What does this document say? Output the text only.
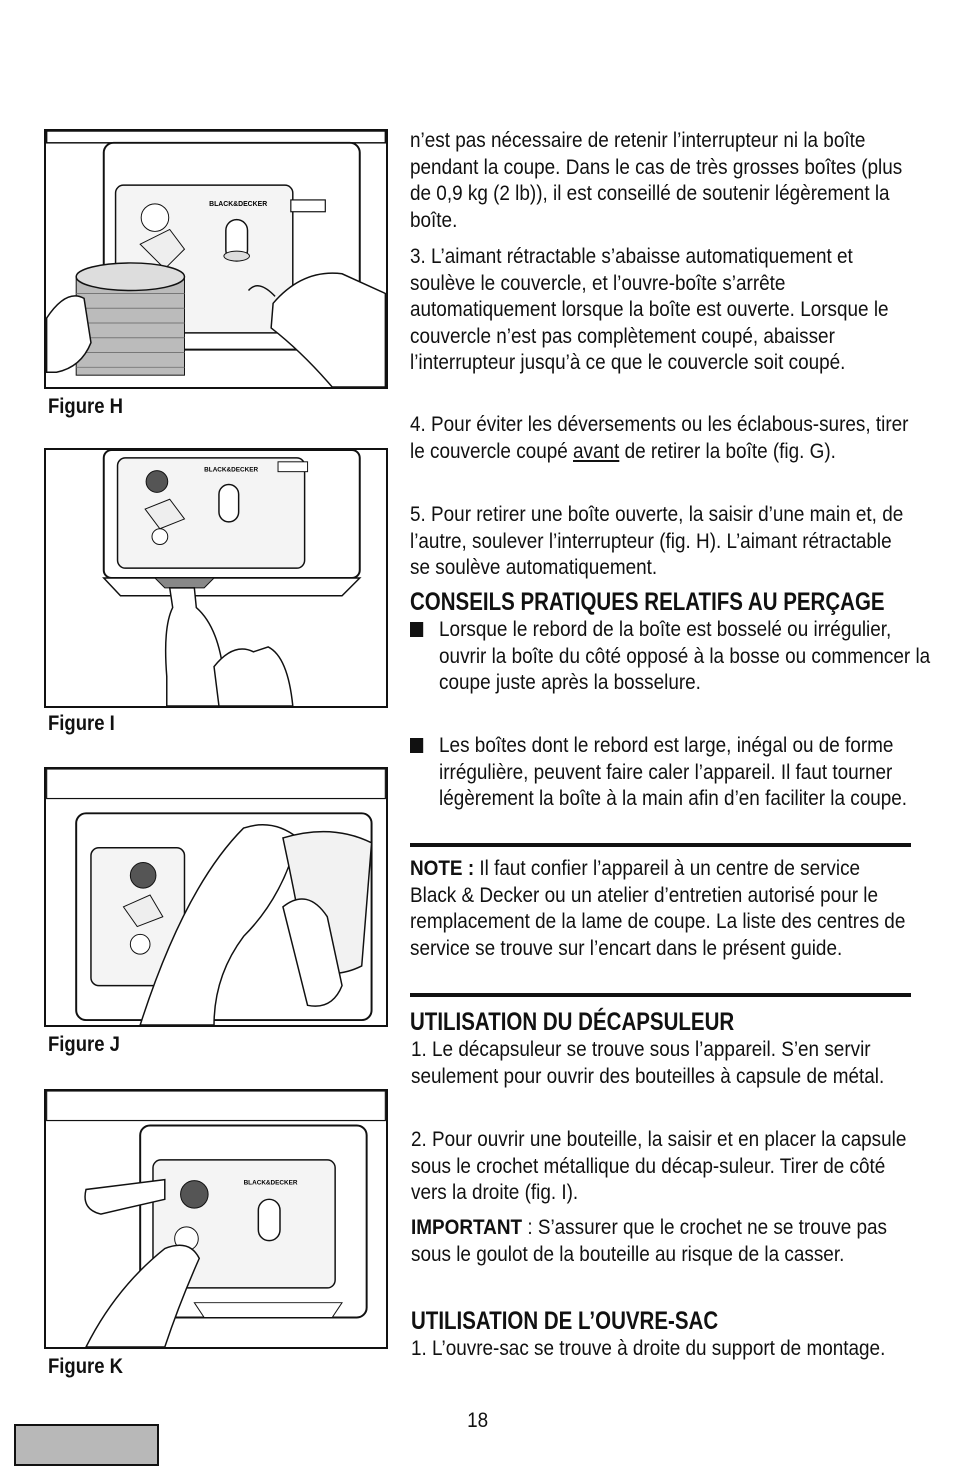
BLACK&DECKER
Figure H
BLACK&DECKER
Figure I
Figure J
BLACK&DECKER
Figure K

n’est pas nécessaire de retenir l’interrupteur ni la boîte pendant la coupe. Dans le cas de très grosses boîtes (plus de 0,9 kg (2 lb)), il est conseillé de soutenir légèrement la boîte.

3. L’aimant rétractable s’abaisse automatiquement et soulève le couvercle, et l’ouvre-boîte s’arrête automatiquement lorsque la boîte est ouverte. Lorsque le couvercle n’est pas complètement coupé, abaisser l’interrupteur jusqu’à ce que le couvercle soit coupé.

4. Pour éviter les déversements ou les éclabous-sures, tirer le couvercle coupé avant de retirer la boîte (fig. G).

5. Pour retirer une boîte ouverte, la saisir d’une main et, de l’autre, soulever l’interrupteur (fig. H). L’aimant rétractable se soulève automatiquement.

CONSEILS PRATIQUES RELATIFS AU PERÇAGE
Lorsque le rebord de la boîte est bosselé ou irrégulier, ouvrir la boîte du côté opposé à la bosse ou commencer la coupe juste après la bosselure.
Les boîtes dont le rebord est large, inégal ou de forme irrégulière, peuvent faire caler l’appareil. Il faut tourner légèrement la boîte à la main afin d’en faciliter la coupe.

NOTE : Il faut confier l’appareil à un centre de service Black & Decker ou un atelier d’entretien autorisé pour le remplacement de la lame de coupe. La liste des centres de service se trouve sur l’encart dans le présent guide.

UTILISATION DU DÉCAPSULEUR

1. Le décapsuleur se trouve sous l’appareil. S’en servir seulement pour ouvrir des bouteilles à capsule de métal.

2. Pour ouvrir une bouteille, la saisir et en placer la capsule sous le crochet métallique du décap-suleur. Tirer de côté vers la droite (fig. I).

IMPORTANT : S’assurer que le crochet ne se trouve pas sous le goulot de la bouteille au risque de la casser.

UTILISATION DE L’OUVRE-SAC

1. L’ouvre-sac se trouve à droite du support de montage.

18
